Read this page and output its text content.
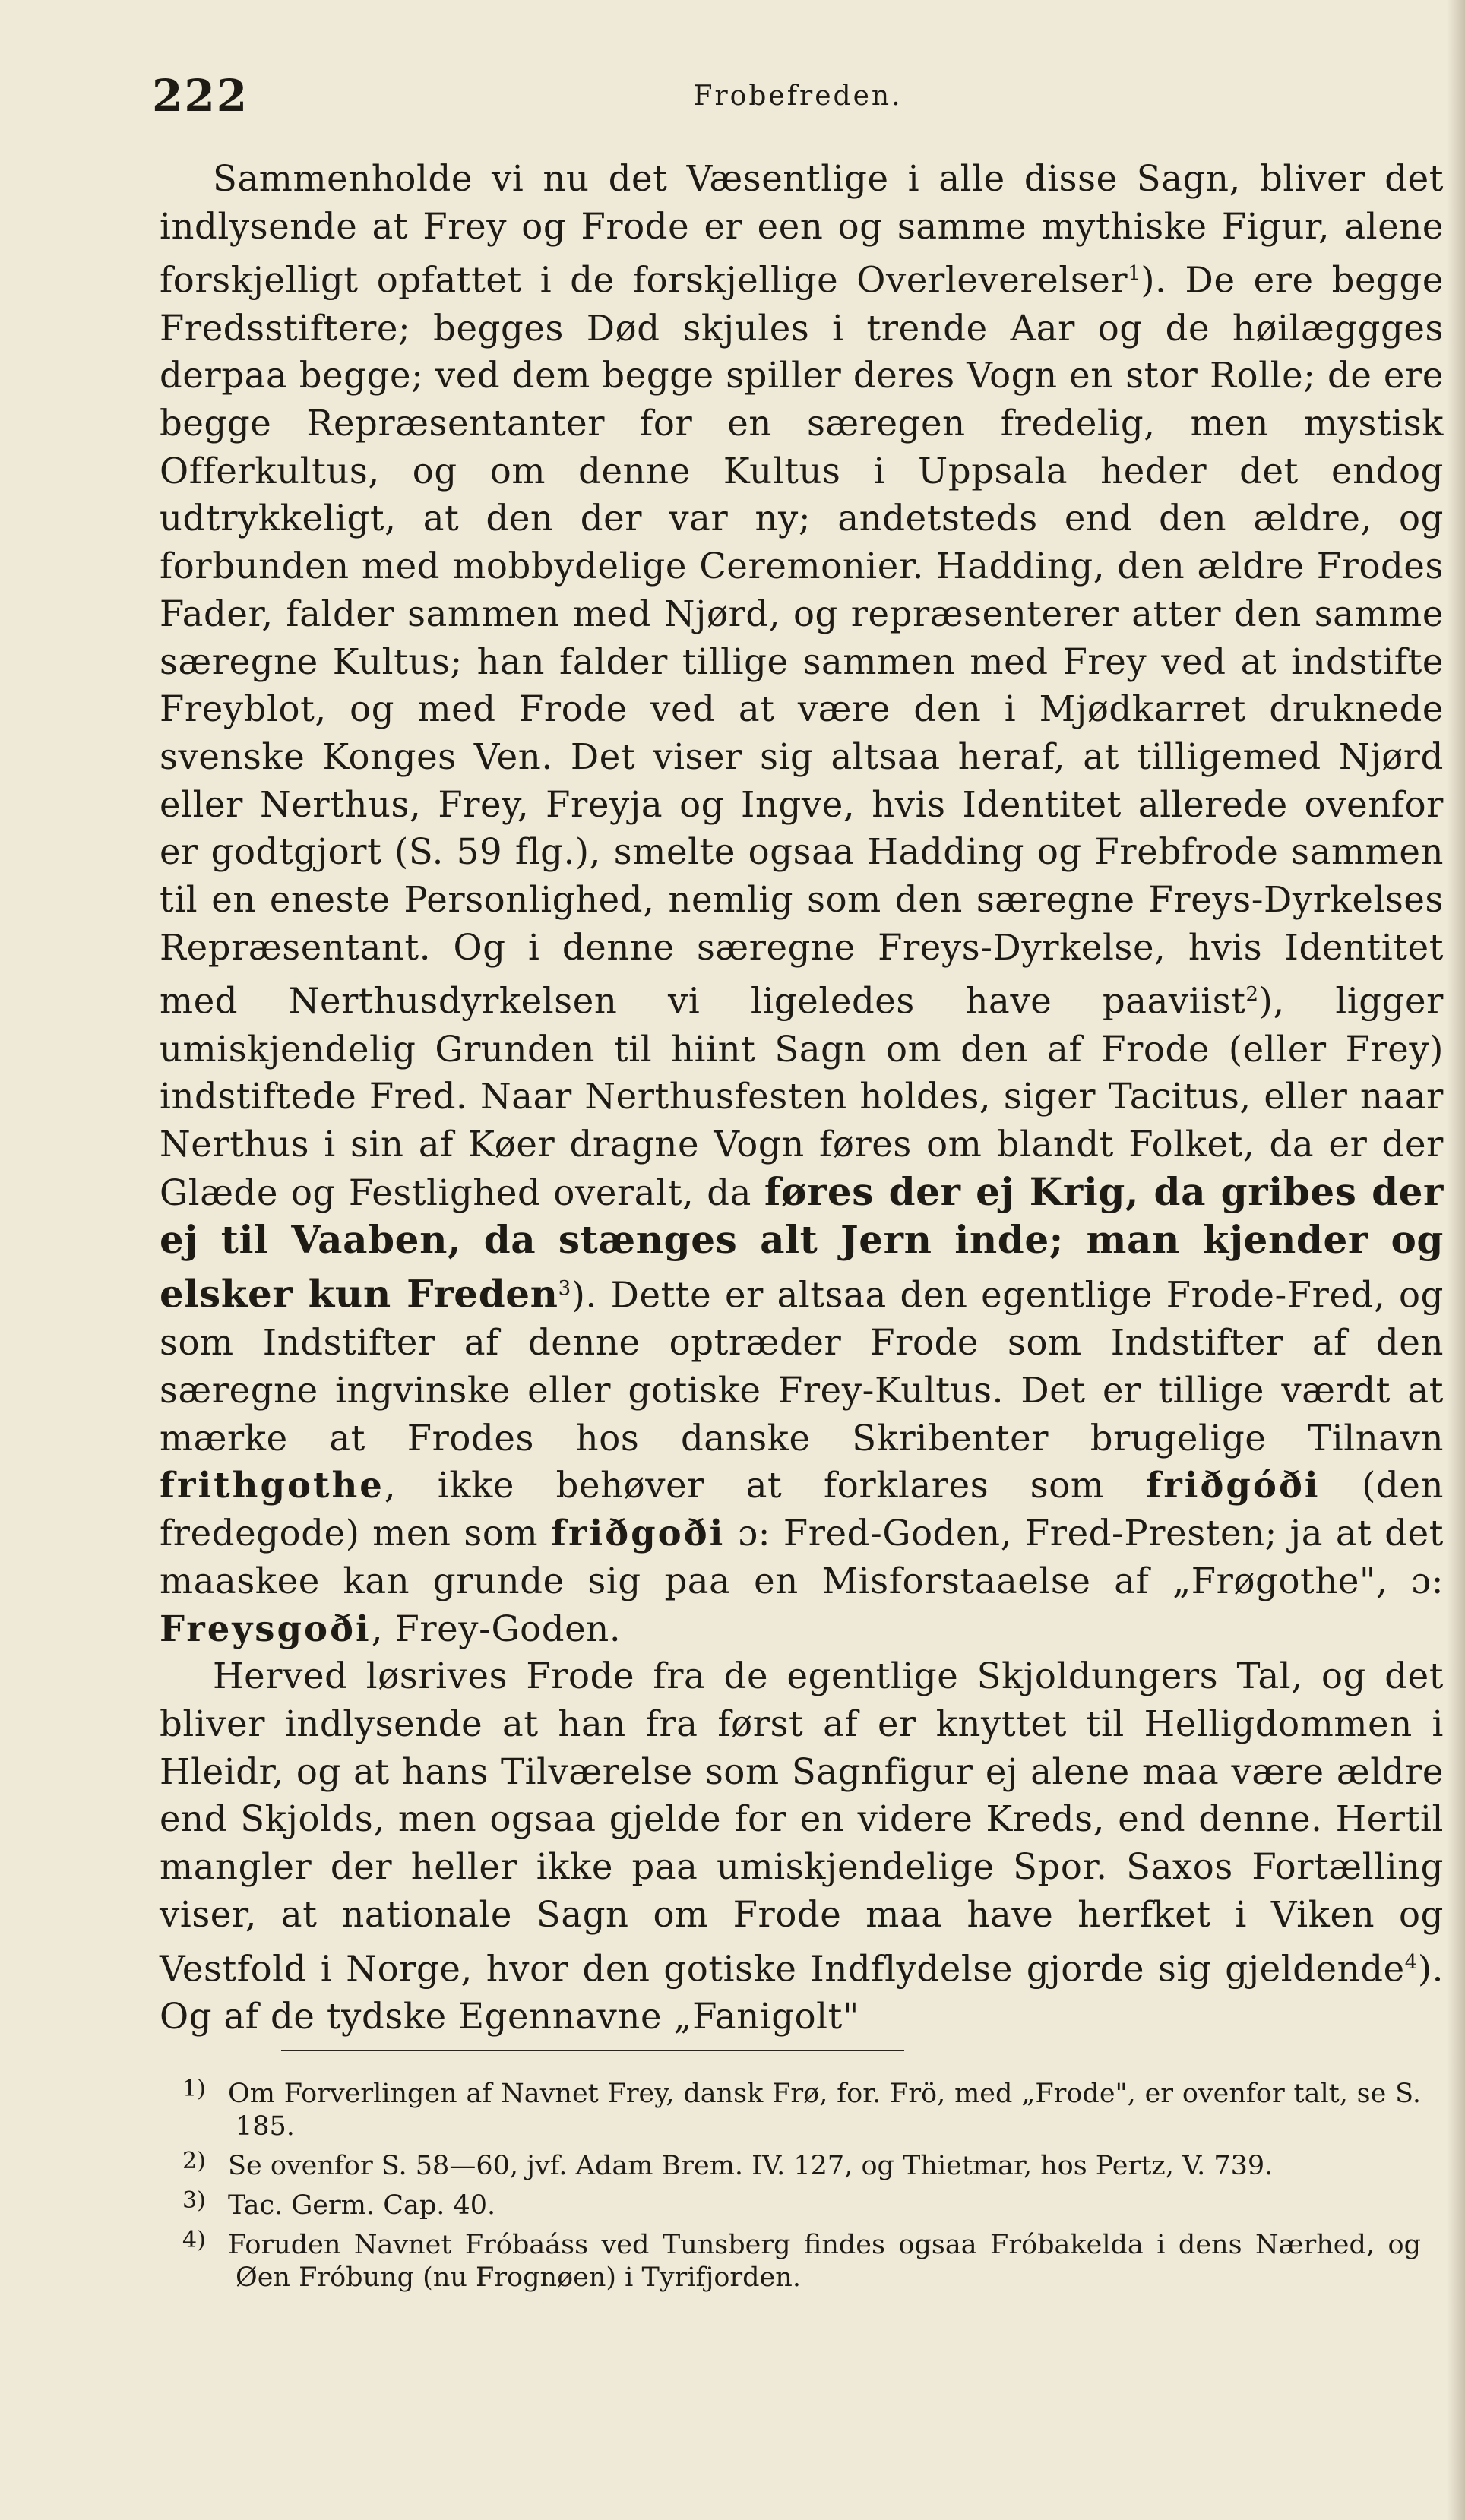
222	Frobefreden.

Sammenholde vi nu det Væsentlige i alle disse Sagn, bliver det indlysende at Frey og Frode er een og samme mythiske Figur, alene forskjelligt opfattet i de forskjellige Overleverelser$^1$). De ere begge Fredsstiftere; begges Død skjules i trende Aar og de høilæggges derpaa begge; ved dem begge spiller deres Vogn en stor Rolle; de ere begge Repræsentanter for en særegen fredelig, men mystisk Offerkultus, og om denne Kultus i Uppsala heder det endog udtrykkeligt, at den der var ny; andetsteds end den ældre, og forbunden med mobbydelige Ceremonier. Hadding, den ældre Frodes Fader, falder sammen med Njørd, og repræsenterer atter den samme særegne Kultus; han falder tillige sammen med Frey ved at indstifte Freyblot, og med Frode ved at være den i Mjødkarret druknede svenske Konges Ven. Det viser sig altsaa heraf, at tilligemed Njørd eller Nerthus, Frey, Freyja og Ingve, hvis Identitet allerede ovenfor er godtgjort (S. 59 flg.), smelte ogsaa Hadding og Frebfrode sammen til en eneste Personlighed, nemlig som den særegne Freys-Dyrkelses Repræsentant. Og i denne særegne Freys-Dyrkelse, hvis Identitet med Nerthusdyrkelsen vi ligeledes have paaviist$^2$), ligger umiskjendelig Grunden til hiint Sagn om den af Frode (eller Frey) indstiftede Fred. Naar Nerthusfesten holdes, siger Tacitus, eller naar Nerthus i sin af Køer dragne Vogn føres om blandt Folket, da er der Glæde og Festlighed overalt, da føres der ej Krig, da gribes der ej til Vaaben, da stænges alt Jern inde; man kjender og elsker kun Freden$^3$). Dette er altsaa den egentlige Frode-Fred, og som Indstifter af denne optræder Frode som Indstifter af den særegne ingvinske eller gotiske Frey-Kultus. Det er tillige værdt at mærke at Frodes hos danske Skribenter brugelige Tilnavn frithgothe, ikke behøver at forklares som friðgóði (den fredegode) men som friðgoði ɔ: Fred-Goden, Fred-Presten; ja at det maaskee kan grunde sig paa en Misforstaaelse af „Frøgothe", ɔ: Freysgoði, Frey-Goden.
Herved løsrives Frode fra de egentlige Skjoldungers Tal, og det bliver indlysende at han fra først af er knyttet til Helligdommen i Hleidr, og at hans Tilværelse som Sagnfigur ej alene maa være ældre end Skjolds, men ogsaa gjelde for en videre Kreds, end denne. Hertil mangler der heller ikke paa umiskjendelige Spor. Saxos Fortælling viser, at nationale Sagn om Frode maa have herfket i Viken og Vestfold i Norge, hvor den gotiske Indflydelse gjorde sig gjeldende$^4$). Og af de tydske Egennavne „Fanigolt"

1) Om Forverlingen af Navnet Frey, dansk Frø, for. Frö, med „Frode", er ovenfor talt, se S. 185.

2) Se ovenfor S. 58—60, jvf. Adam Brem. IV. 127, og Thietmar, hos Pertz, V. 739.

3) Tac. Germ. Cap. 40.

4) Foruden Navnet Fróbaáss ved Tunsberg findes ogsaa Fróbakelda i dens Nærhed, og Øen Fróbung (nu Frognøen) i Tyrifjorden.
